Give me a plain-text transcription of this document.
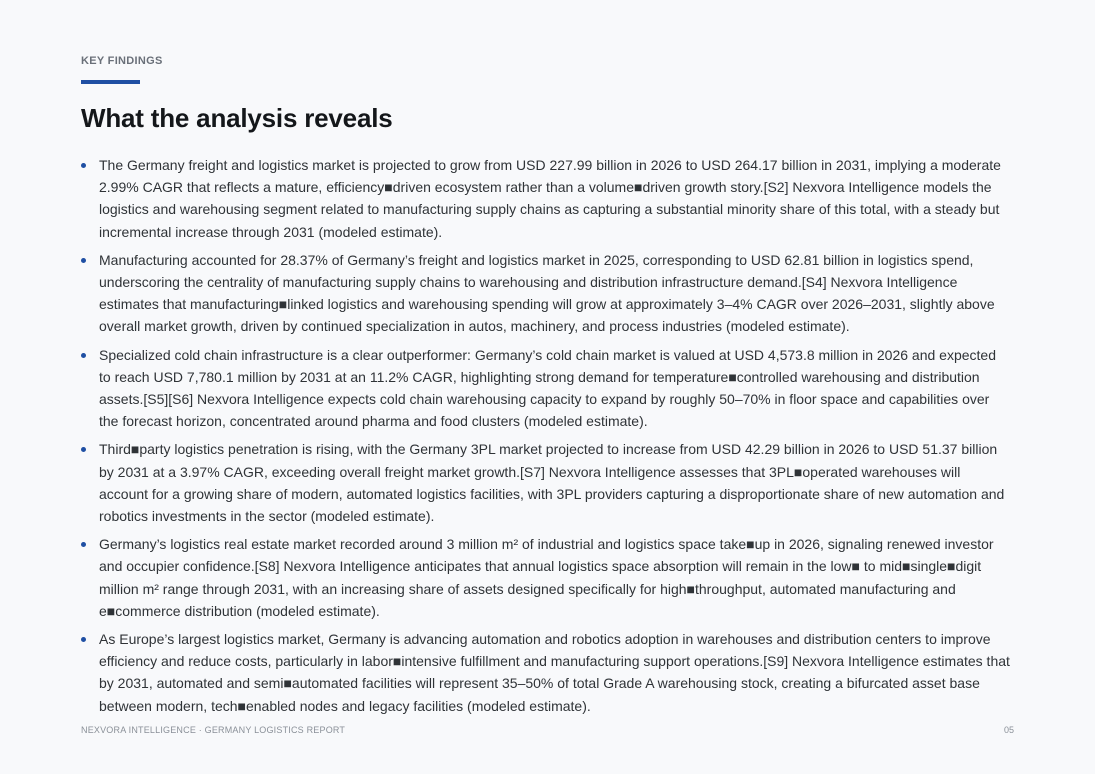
KEY FINDINGS
What the analysis reveals
The Germany freight and logistics market is projected to grow from USD 227.99 billion in 2026 to USD 264.17 billion in 2031, implying a moderate 2.99% CAGR that reflects a mature, efficiency■driven ecosystem rather than a volume■driven growth story.[S2] Nexvora Intelligence models the logistics and warehousing segment related to manufacturing supply chains as capturing a substantial minority share of this total, with a steady but incremental increase through 2031 (modeled estimate).
Manufacturing accounted for 28.37% of Germany’s freight and logistics market in 2025, corresponding to USD 62.81 billion in logistics spend, underscoring the centrality of manufacturing supply chains to warehousing and distribution infrastructure demand.[S4] Nexvora Intelligence estimates that manufacturing■linked logistics and warehousing spending will grow at approximately 3–4% CAGR over 2026–2031, slightly above overall market growth, driven by continued specialization in autos, machinery, and process industries (modeled estimate).
Specialized cold chain infrastructure is a clear outperformer: Germany’s cold chain market is valued at USD 4,573.8 million in 2026 and expected to reach USD 7,780.1 million by 2031 at an 11.2% CAGR, highlighting strong demand for temperature■controlled warehousing and distribution assets.[S5][S6] Nexvora Intelligence expects cold chain warehousing capacity to expand by roughly 50–70% in floor space and capabilities over the forecast horizon, concentrated around pharma and food clusters (modeled estimate).
Third■party logistics penetration is rising, with the Germany 3PL market projected to increase from USD 42.29 billion in 2026 to USD 51.37 billion by 2031 at a 3.97% CAGR, exceeding overall freight market growth.[S7] Nexvora Intelligence assesses that 3PL■operated warehouses will account for a growing share of modern, automated logistics facilities, with 3PL providers capturing a disproportionate share of new automation and robotics investments in the sector (modeled estimate).
Germany’s logistics real estate market recorded around 3 million m² of industrial and logistics space take■up in 2026, signaling renewed investor and occupier confidence.[S8] Nexvora Intelligence anticipates that annual logistics space absorption will remain in the low■ to mid■single■digit million m² range through 2031, with an increasing share of assets designed specifically for high■throughput, automated manufacturing and e■commerce distribution (modeled estimate).
As Europe’s largest logistics market, Germany is advancing automation and robotics adoption in warehouses and distribution centers to improve efficiency and reduce costs, particularly in labor■intensive fulfillment and manufacturing support operations.[S9] Nexvora Intelligence estimates that by 2031, automated and semi■automated facilities will represent 35–50% of total Grade A warehousing stock, creating a bifurcated asset base between modern, tech■enabled nodes and legacy facilities (modeled estimate).
NEXVORA INTELLIGENCE · GERMANY LOGISTICS REPORT	05
